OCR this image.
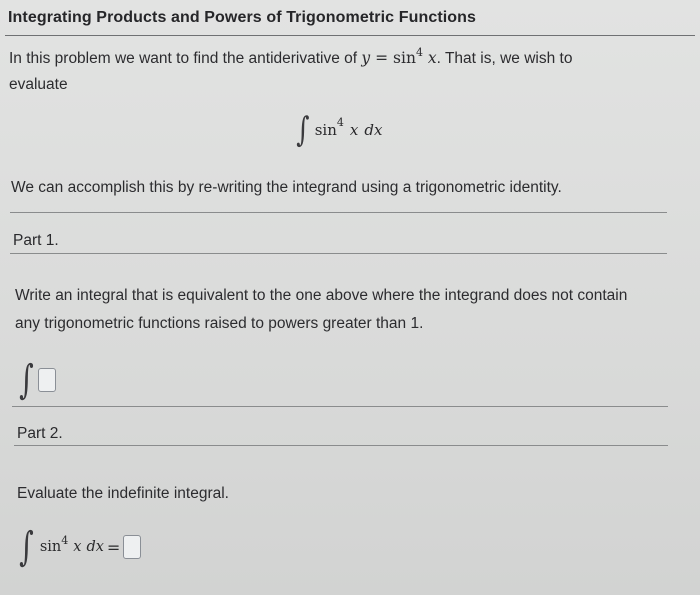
Integrating Products and Powers of Trigonometric Functions
In this problem we want to find the antiderivative of $y = \sin^4 x$. That is, we wish to
evaluate
∫ sin 4 x dx
We can accomplish this by re-writing the integrand using a trigonometric identity.
Part 1.
Write an integral that is equivalent to the one above where the integrand does not contain
any trigonometric functions raised to powers greater than 1.
∫
Part 2.
Evaluate the indefinite integral.
∫ sin 4 x dx =
